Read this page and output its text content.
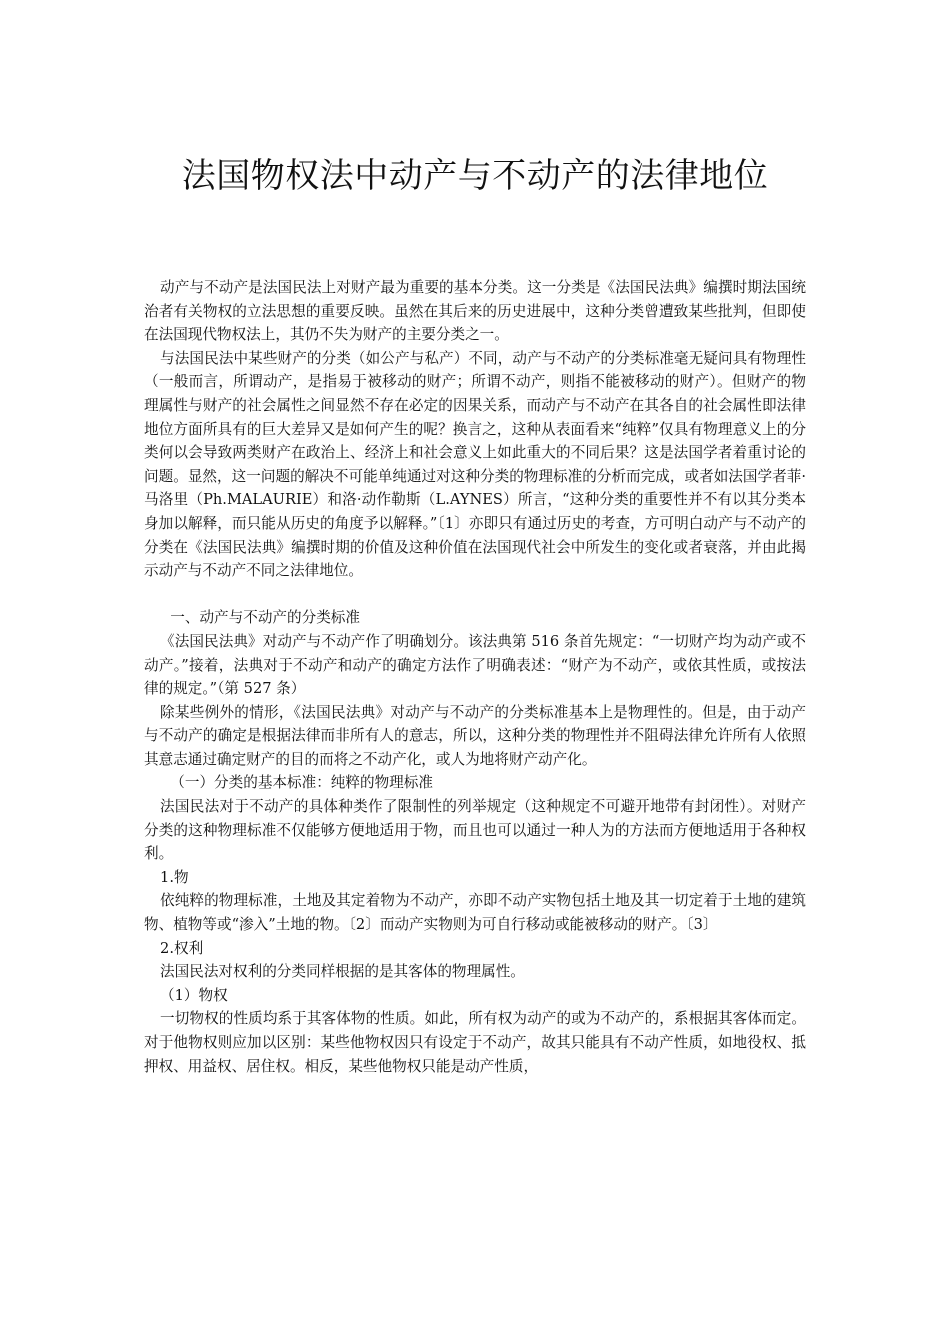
法国物权法中动产与不动产的法律地位

动产与不动产是法国民法上对财产最为重要的基本分类。这一分类是《法国民法典》编撰时期法国统治者有关物权的立法思想的重要反映。虽然在其后来的历史进展中，这种分类曾遭致某些批判，但即使在法国现代物权法上，其仍不失为财产的主要分类之一。

与法国民法中某些财产的分类（如公产与私产）不同，动产与不动产的分类标准毫无疑问具有物理性（一般而言，所谓动产，是指易于被移动的财产；所谓不动产，则指不能被移动的财产）。但财产的物理属性与财产的社会属性之间显然不存在必定的因果关系，而动产与不动产在其各自的社会属性即法律地位方面所具有的巨大差异又是如何产生的呢？换言之，这种从表面看来“纯粹”仅具有物理意义上的分类何以会导致两类财产在政治上、经济上和社会意义上如此重大的不同后果？这是法国学者着重讨论的问题。显然，这一问题的解决不可能单纯通过对这种分类的物理标准的分析而完成，或者如法国学者菲·马洛里（Ph.MALAURIE）和洛·动作勒斯（L.AYNES）所言，“这种分类的重要性并不有以其分类本身加以解释，而只能从历史的角度予以解释。”〔1〕亦即只有通过历史的考查，方可明白动产与不动产的分类在《法国民法典》编撰时期的价值及这种价值在法国现代社会中所发生的变化或者衰落，并由此揭示动产与不动产不同之法律地位。

一、动产与不动产的分类标准

《法国民法典》对动产与不动产作了明确划分。该法典第 516 条首先规定：“一切财产均为动产或不动产。”接着，法典对于不动产和动产的确定方法作了明确表述：“财产为不动产，或依其性质，或按法律的规定。”（第 527 条）

除某些例外的情形，《法国民法典》对动产与不动产的分类标准基本上是物理性的。但是，由于动产与不动产的确定是根据法律而非所有人的意志，所以，这种分类的物理性并不阻碍法律允许所有人依照其意志通过确定财产的目的而将之不动产化，或人为地将财产动产化。

（一）分类的基本标准：纯粹的物理标准

法国民法对于不动产的具体种类作了限制性的列举规定（这种规定不可避开地带有封闭性）。对财产分类的这种物理标准不仅能够方便地适用于物，而且也可以通过一种人为的方法而方便地适用于各种权利。

1.物

依纯粹的物理标准，土地及其定着物为不动产，亦即不动产实物包括土地及其一切定着于土地的建筑物、植物等或“渗入”土地的物。〔2〕而动产实物则为可自行移动或能被移动的财产。〔3〕

2.权利

法国民法对权利的分类同样根据的是其客体的物理属性。

（1）物权

一切物权的性质均系于其客体物的性质。如此，所有权为动产的或为不动产的，系根据其客体而定。对于他物权则应加以区别：某些他物权因只有设定于不动产，故其只能具有不动产性质，如地役权、抵押权、用益权、居住权。相反，某些他物权只能是动产性质，
